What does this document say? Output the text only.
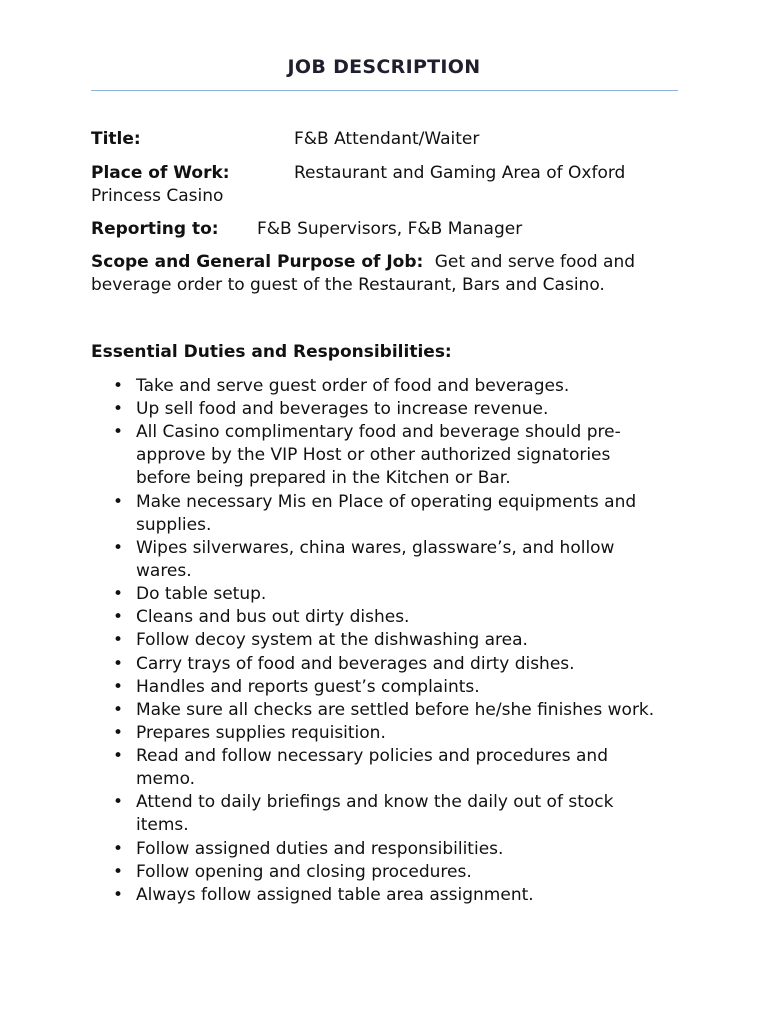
JOB DESCRIPTION
Title:	F&B Attendant/Waiter
Place of Work:	Restaurant and Gaming Area of Oxford
Princess Casino
Reporting to: F&B Supervisors, F&B Manager
Scope and General Purpose of Job: Get and serve food and
beverage order to guest of the Restaurant, Bars and Casino.
Essential Duties and Responsibilities:
• Take and serve guest order of food and beverages.
• Up sell food and beverages to increase revenue.
• All Casino complimentary food and beverage should pre-
approve by the VIP Host or other authorized signatories
before being prepared in the Kitchen or Bar.
• Make necessary Mis en Place of operating equipments and
supplies.
• Wipes silverwares, china wares, glassware’s, and hollow
wares.
• Do table setup.
• Cleans and bus out dirty dishes.
• Follow decoy system at the dishwashing area.
• Carry trays of food and beverages and dirty dishes.
• Handles and reports guest’s complaints.
• Make sure all checks are settled before he/she finishes work.
• Prepares supplies requisition.
• Read and follow necessary policies and procedures and
memo.
• Attend to daily briefings and know the daily out of stock
items.
• Follow assigned duties and responsibilities.
• Follow opening and closing procedures.
• Always follow assigned table area assignment.
